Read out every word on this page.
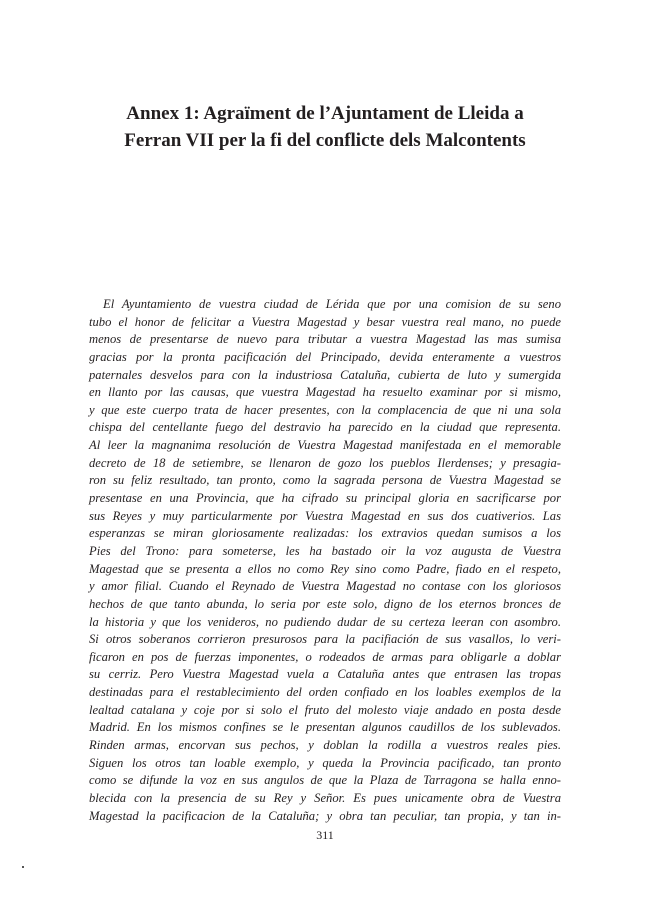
Annex 1: Agraïment de l’Ajuntament de Lleida a
Ferran VII per la fi del conflicte dels Malcontents
El Ayuntamiento de vuestra ciudad de Lérida que por una comision de su seno
tubo el honor de felicitar a Vuestra Magestad y besar vuestra real mano, no puede
menos de presentarse de nuevo para tributar a vuestra Magestad las mas sumisa
gracias por la pronta pacificación del Principado, devida enteramente a vuestros
paternales desvelos para con la industriosa Cataluña, cubierta de luto y sumergida
en llanto por las causas, que vuestra Magestad ha resuelto examinar por si mismo,
y que este cuerpo trata de hacer presentes, con la complacencia de que ni una sola
chispa del centellante fuego del destravio ha parecido en la ciudad que representa.
Al leer la magnanima resolución de Vuestra Magestad manifestada en el memorable
decreto de 18 de setiembre, se llenaron de gozo los pueblos Ilerdenses; y presagia-
ron su feliz resultado, tan pronto, como la sagrada persona de Vuestra Magestad se
presentase en una Provincia, que ha cifrado su principal gloria en sacrificarse por
sus Reyes y muy particularmente por Vuestra Magestad en sus dos cuativerios. Las
esperanzas se miran gloriosamente realizadas: los extravios quedan sumisos a los
Pies del Trono: para someterse, les ha bastado oir la voz augusta de Vuestra
Magestad que se presenta a ellos no como Rey sino como Padre, fiado en el respeto,
y amor filial. Cuando el Reynado de Vuestra Magestad no contase con los gloriosos
hechos de que tanto abunda, lo seria por este solo, digno de los eternos bronces de
la historia y que los venideros, no pudiendo dudar de su certeza leeran con asombro.
Si otros soberanos corrieron presurosos para la pacifiación de sus vasallos, lo veri-
ficaron en pos de fuerzas imponentes, o rodeados de armas para obligarle a doblar
su cerriz. Pero Vuestra Magestad vuela a Cataluña antes que entrasen las tropas
destinadas para el restablecimiento del orden confiado en los loables exemplos de la
lealtad catalana y coje por si solo el fruto del molesto viaje andado en posta desde
Madrid. En los mismos confines se le presentan algunos caudillos de los sublevados.
Rinden armas, encorvan sus pechos, y doblan la rodilla a vuestros reales pies.
Siguen los otros tan loable exemplo, y queda la Provincia pacificado, tan pronto
como se difunde la voz en sus angulos de que la Plaza de Tarragona se halla enno-
blecida con la presencia de su Rey y Señor. Es pues unicamente obra de Vuestra
Magestad la pacificacion de la Cataluña; y obra tan peculiar, tan propia, y tan in-
311
